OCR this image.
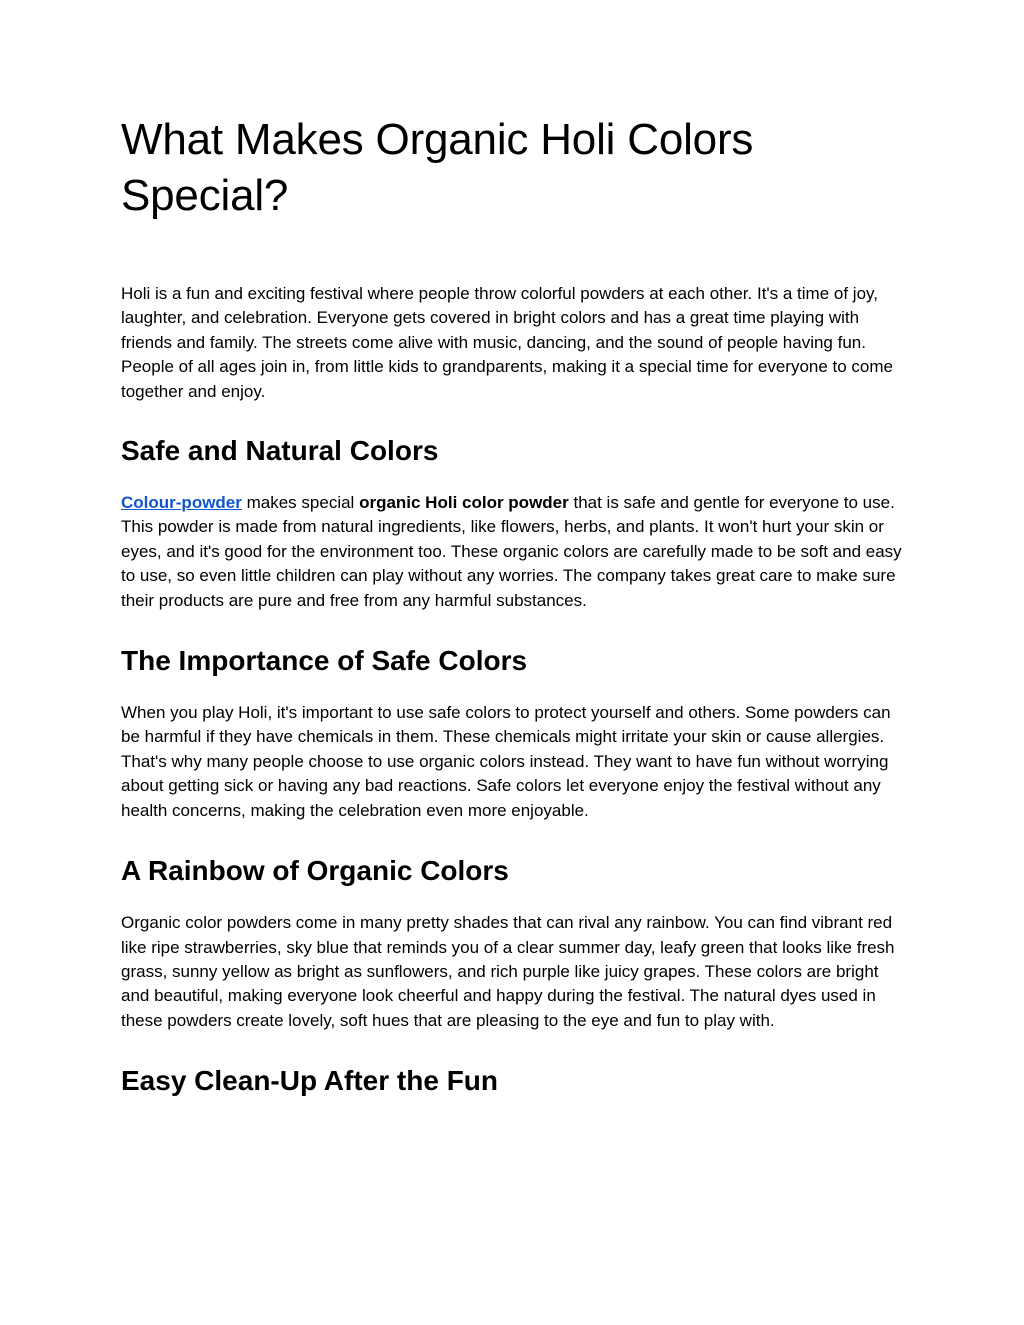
What Makes Organic Holi Colors Special?

Holi is a fun and exciting festival where people throw colorful powders at each other. It's a time of joy, laughter, and celebration. Everyone gets covered in bright colors and has a great time playing with friends and family. The streets come alive with music, dancing, and the sound of people having fun. People of all ages join in, from little kids to grandparents, making it a special time for everyone to come together and enjoy.

Safe and Natural Colors

Colour-powder makes special organic Holi color powder that is safe and gentle for everyone to use. This powder is made from natural ingredients, like flowers, herbs, and plants. It won't hurt your skin or eyes, and it's good for the environment too. These organic colors are carefully made to be soft and easy to use, so even little children can play without any worries. The company takes great care to make sure their products are pure and free from any harmful substances.

The Importance of Safe Colors

When you play Holi, it's important to use safe colors to protect yourself and others. Some powders can be harmful if they have chemicals in them. These chemicals might irritate your skin or cause allergies. That's why many people choose to use organic colors instead. They want to have fun without worrying about getting sick or having any bad reactions. Safe colors let everyone enjoy the festival without any health concerns, making the celebration even more enjoyable.

A Rainbow of Organic Colors

Organic color powders come in many pretty shades that can rival any rainbow. You can find vibrant red like ripe strawberries, sky blue that reminds you of a clear summer day, leafy green that looks like fresh grass, sunny yellow as bright as sunflowers, and rich purple like juicy grapes. These colors are bright and beautiful, making everyone look cheerful and happy during the festival. The natural dyes used in these powders create lovely, soft hues that are pleasing to the eye and fun to play with.

Easy Clean-Up After the Fun
